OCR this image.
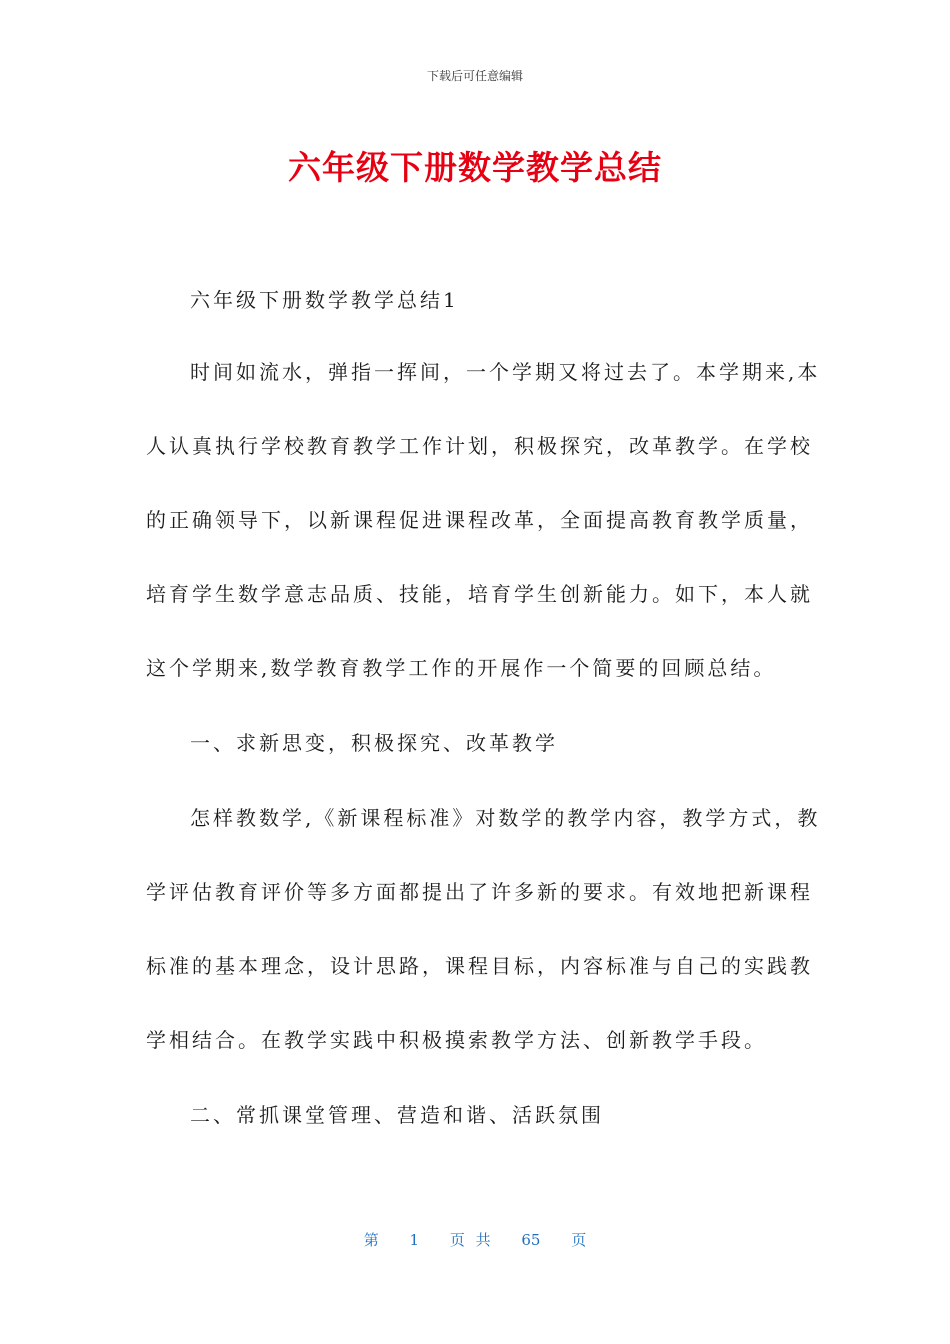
下载后可任意编辑
六年级下册数学教学总结

六年级下册数学教学总结1

时间如流水，弹指一挥间，一个学期又将过去了。本学期来,本
人认真执行学校教育教学工作计划，积极探究，改革教学。在学校
的正确领导下，以新课程促进课程改革，全面提高教育教学质量，
培育学生数学意志品质、技能，培育学生创新能力。如下，本人就
这个学期来,数学教育教学工作的开展作一个简要的回顾总结。

一、求新思变，积极探究、改革教学

怎样教数学,《新课程标准》对数学的教学内容，教学方式，教
学评估教育评价等多方面都提出了许多新的要求。有效地把新课程
标准的基本理念，设计思路，课程目标，内容标准与自己的实践教
学相结合。在教学实践中积极摸索教学方法、创新教学手段。

二、常抓课堂管理、营造和谐、活跃氛围

第 1 页 共 65 页
